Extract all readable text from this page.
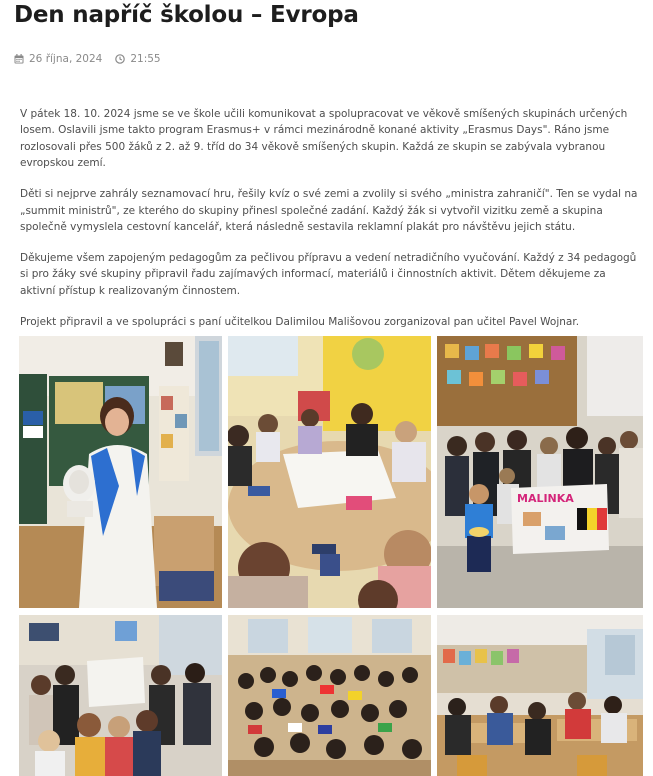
Den napříč školou – Evropa
26 října, 2024	21:55

V pátek 18. 10. 2024 jsme se ve škole učili komunikovat a spolupracovat ve věkově smíšených skupinách určených losem. Oslavili jsme takto program Erasmus+ v rámci mezinárodně konané aktivity „Erasmus Days". Ráno jsme rozlosovali přes 500 žáků z 2. až 9. tříd do 34 věkově smíšených skupin. Každá ze skupin se zabývala vybranou evropskou zemí.

Děti si nejprve zahrály seznamovací hru, řešily kvíz o své zemi a zvolily si svého „ministra zahraničí". Ten se vydal na „summit ministrů", ze kterého do skupiny přinesl společné zadání. Každý žák si vytvořil vizitku země a skupina společně vymyslela cestovní kancelář, která následně sestavila reklamní plakát pro návštěvu jejich státu.

Děkujeme všem zapojeným pedagogům za pečlivou přípravu a vedení netradičního vyučování. Každý z 34 pedagogů si pro žáky své skupiny připravil řadu zajímavých informací, materiálů i činnostních aktivit. Dětem děkujeme za aktivní přístup k realizovaným činnostem.

Projekt připravil a ve spolupráci s paní učitelkou Dalimilou Mališovou zorganizoval pan učitel Pavel Wojnar.

MALINKA
